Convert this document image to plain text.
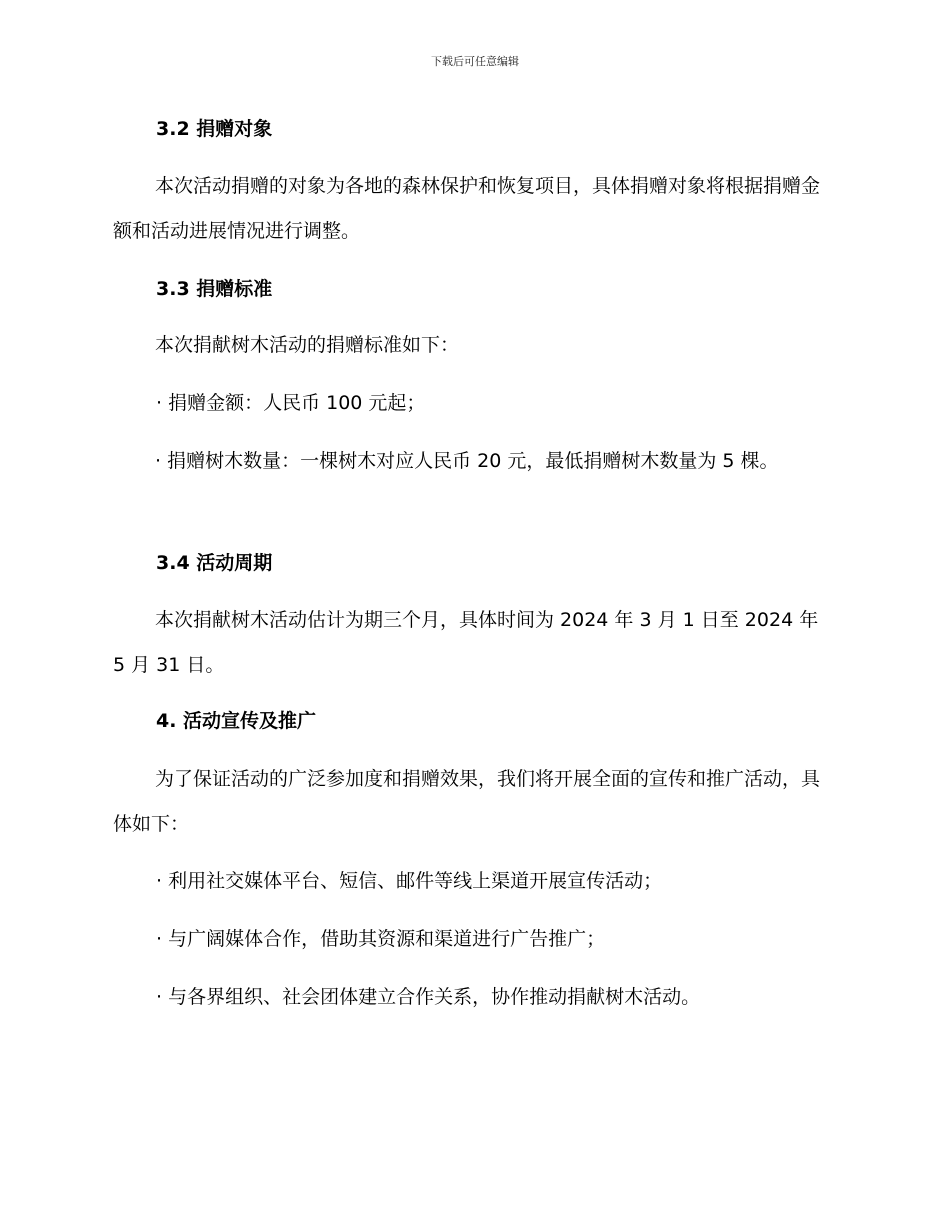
下载后可任意编辑
3.2 捐赠对象

本次活动捐赠的对象为各地的森林保护和恢复项目，具体捐赠对象将根据捐赠金额和活动进展情况进行调整。

3.3 捐赠标准

本次捐献树木活动的捐赠标准如下：

· 捐赠金额：人民币 100 元起；

· 捐赠树木数量：一棵树木对应人民币 20 元，最低捐赠树木数量为 5 棵。

3.4 活动周期

本次捐献树木活动估计为期三个月，具体时间为 2024 年 3 月 1 日至 2024 年 5 月 31 日。

4. 活动宣传及推广

为了保证活动的广泛参加度和捐赠效果，我们将开展全面的宣传和推广活动，具体如下：

· 利用社交媒体平台、短信、邮件等线上渠道开展宣传活动；

· 与广阔媒体合作，借助其资源和渠道进行广告推广；

· 与各界组织、社会团体建立合作关系，协作推动捐献树木活动。
